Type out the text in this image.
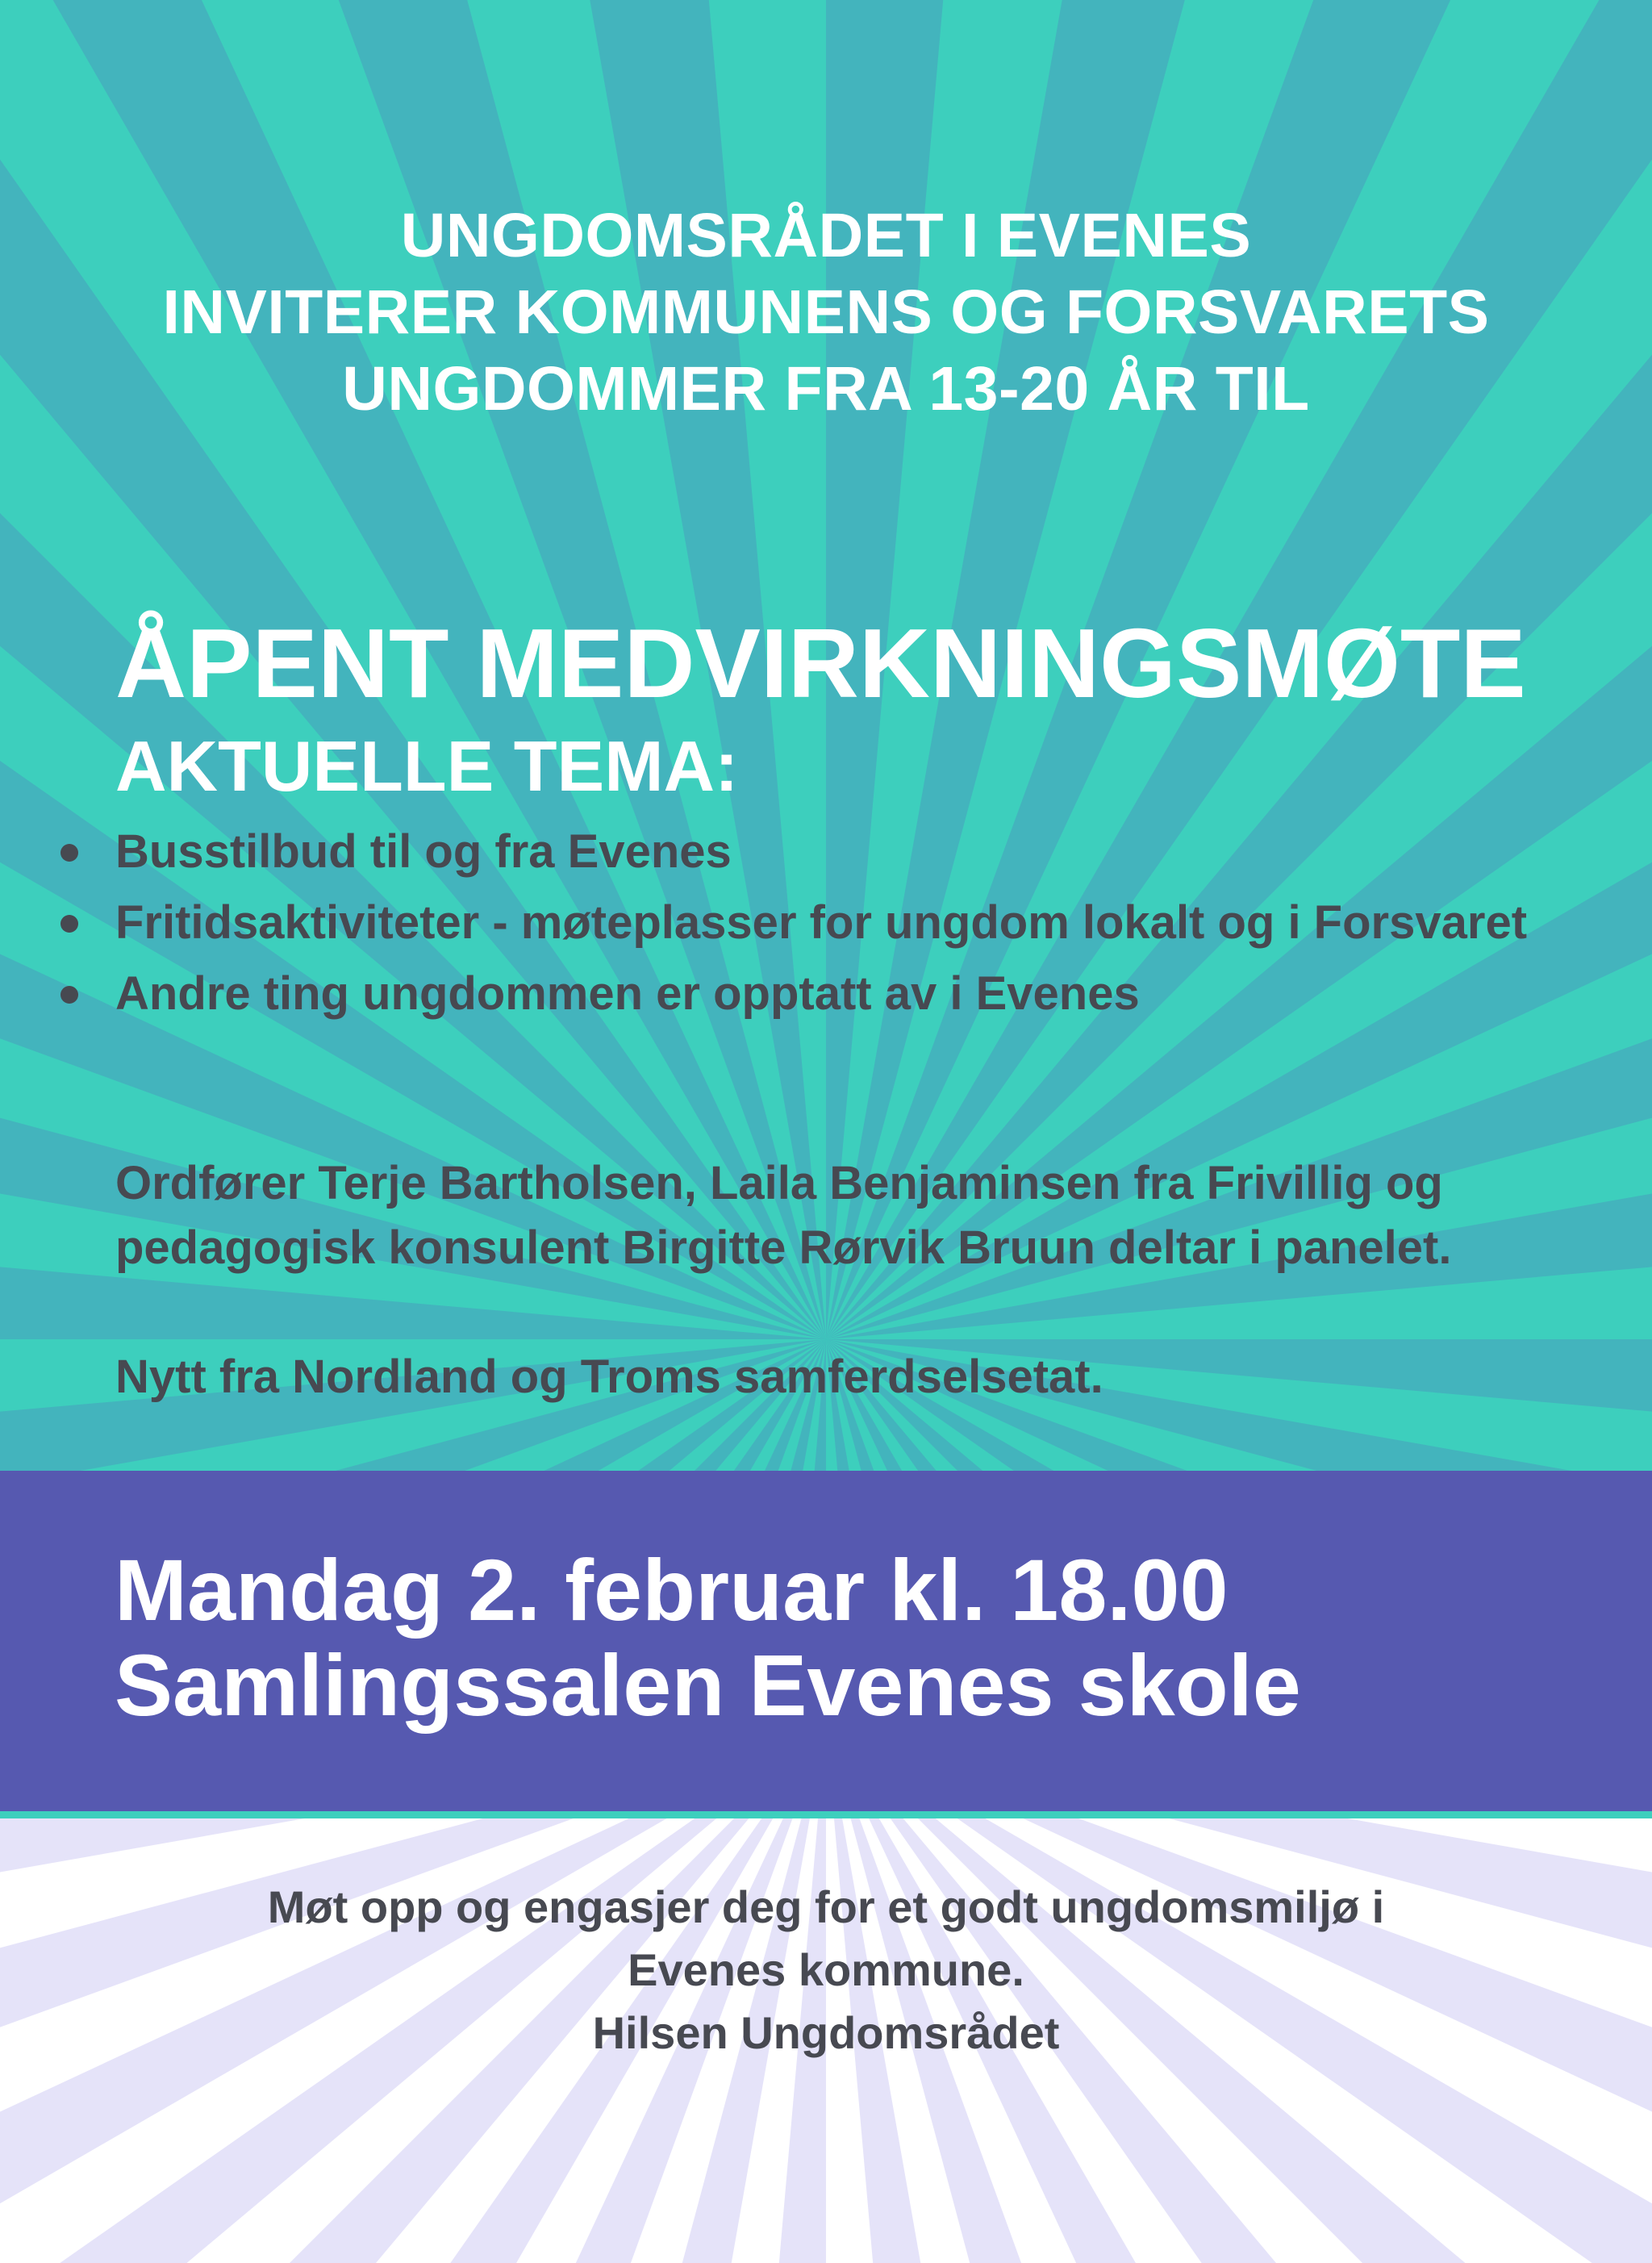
UNGDOMSRÅDET I EVENES
INVITERER KOMMUNENS OG FORSVARETS
UNGDOMMER FRA 13-20 ÅR TIL
ÅPENT MEDVIRKNINGSMØTE
AKTUELLE TEMA:
Busstilbud til og fra Evenes
Fritidsaktiviteter - møteplasser for ungdom lokalt og i Forsvaret
Andre ting ungdommen er opptatt av i Evenes
Ordfører Terje Bartholsen, Laila Benjaminsen fra Frivillig og pedagogisk konsulent Birgitte Rørvik Bruun deltar i panelet.
Nytt fra Nordland og Troms samferdselsetat.
Mandag 2. februar kl. 18.00
Samlingssalen Evenes skole
Møt opp og engasjer deg for et godt ungdomsmiljø i
Evenes kommune.
Hilsen Ungdomsrådet
